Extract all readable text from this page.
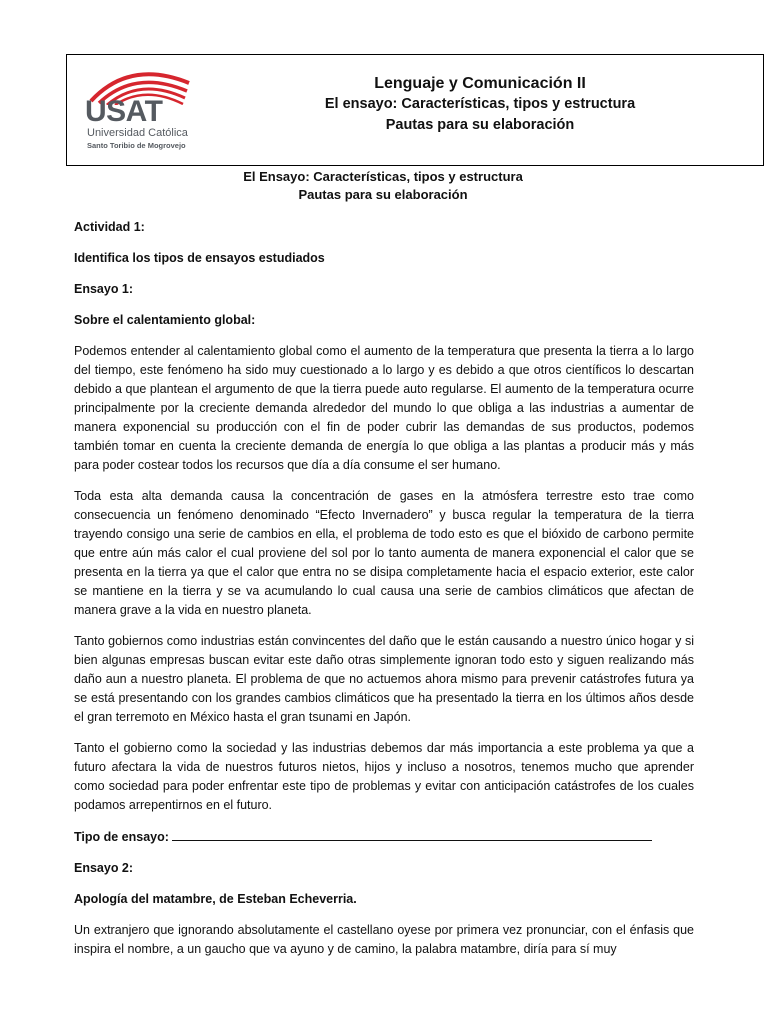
USAT
Universidad Católica
Santo Toribio de Mogrovejo
Lenguaje y Comunicación II
El ensayo: Características, tipos y estructura
Pautas para su elaboración
El Ensayo: Características, tipos y estructura
Pautas para su elaboración

Actividad 1:

Identifica los tipos de ensayos estudiados

Ensayo 1:

Sobre el calentamiento global:

Podemos entender al calentamiento global como el aumento de la temperatura que presenta la tierra a lo largo del tiempo, este fenómeno ha sido muy cuestionado a lo largo y es debido a que otros científicos lo descartan debido a que plantean el argumento de que la tierra puede auto regularse. El aumento de la temperatura ocurre principalmente por la creciente demanda alrededor del mundo lo que obliga a las industrias a aumentar de manera exponencial su producción con el fin de poder cubrir las demandas de sus productos, podemos también tomar en cuenta la creciente demanda de energía lo que obliga a las plantas a producir más y más para poder costear todos los recursos que día a día consume el ser humano.

Toda esta alta demanda causa la concentración de gases en la atmósfera terrestre esto trae como consecuencia un fenómeno denominado “Efecto Invernadero” y busca regular la temperatura de la tierra trayendo consigo una serie de cambios en ella, el problema de todo esto es que el bióxido de carbono permite que entre aún más calor el cual proviene del sol por lo tanto aumenta de manera exponencial el calor que se presenta en la tierra ya que el calor que entra no se disipa completamente hacia el espacio exterior, este calor se mantiene en la tierra y se va acumulando lo cual causa una serie de cambios climáticos que afectan de manera grave a la vida en nuestro planeta.

Tanto gobiernos como industrias están convincentes del daño que le están causando a nuestro único hogar y si bien algunas empresas buscan evitar este daño otras simplemente ignoran todo esto y siguen realizando más daño aun a nuestro planeta. El problema de que no actuemos ahora mismo para prevenir catástrofes futura ya se está presentando con los grandes cambios climáticos que ha presentado la tierra en los últimos años desde el gran terremoto en México hasta el gran tsunami en Japón.

Tanto el gobierno como la sociedad y las industrias debemos dar más importancia a este problema ya que a futuro afectara la vida de nuestros futuros nietos, hijos y incluso a nosotros, tenemos mucho que aprender como sociedad para poder enfrentar este tipo de problemas y evitar con anticipación catástrofes de los cuales podamos arrepentirnos en el futuro.

Tipo de ensayo:

Ensayo 2:

Apología del matambre, de Esteban Echeverria.

Un extranjero que ignorando absolutamente el castellano oyese por primera vez pronunciar, con el énfasis que inspira el nombre, a un gaucho que va ayuno y de camino, la palabra matambre, diría para sí muy
